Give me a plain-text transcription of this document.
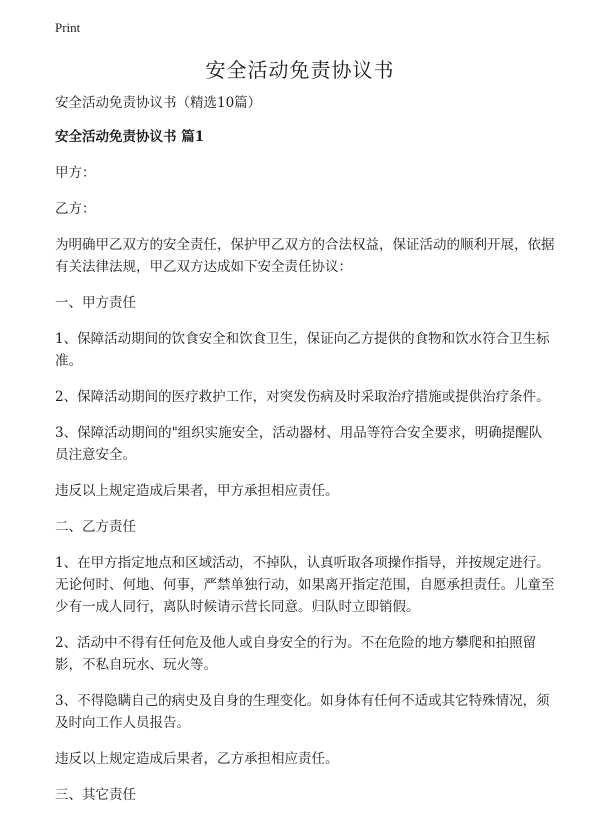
Print
安全活动免责协议书

安全活动免责协议书（精选10篇）

安全活动免责协议书 篇1

甲方：

乙方：

为明确甲乙双方的安全责任，保护甲乙双方的合法权益，保证活动的顺利开展，依据有关法律法规，甲乙双方达成如下安全责任协议：

一、甲方责任

1、保障活动期间的饮食安全和饮食卫生，保证向乙方提供的食物和饮水符合卫生标准。

2、保障活动期间的医疗救护工作，对突发伤病及时采取治疗措施或提供治疗条件。

3、保障活动期间的"组织实施安全，活动器材、用品等符合安全要求，明确提醒队员注意安全。

违反以上规定造成后果者，甲方承担相应责任。

二、乙方责任

1、在甲方指定地点和区域活动，不掉队，认真听取各项操作指导，并按规定进行。无论何时、何地、何事，严禁单独行动，如果离开指定范围，自愿承担责任。儿童至少有一成人同行，离队时候请示营长同意。归队时立即销假。

2、活动中不得有任何危及他人或自身安全的行为。不在危险的地方攀爬和拍照留影，不私自玩水、玩火等。

3、不得隐瞒自己的病史及自身的生理变化。如身体有任何不适或其它特殊情况，须及时向工作人员报告。

违反以上规定造成后果者，乙方承担相应责任。

三、其它责任
